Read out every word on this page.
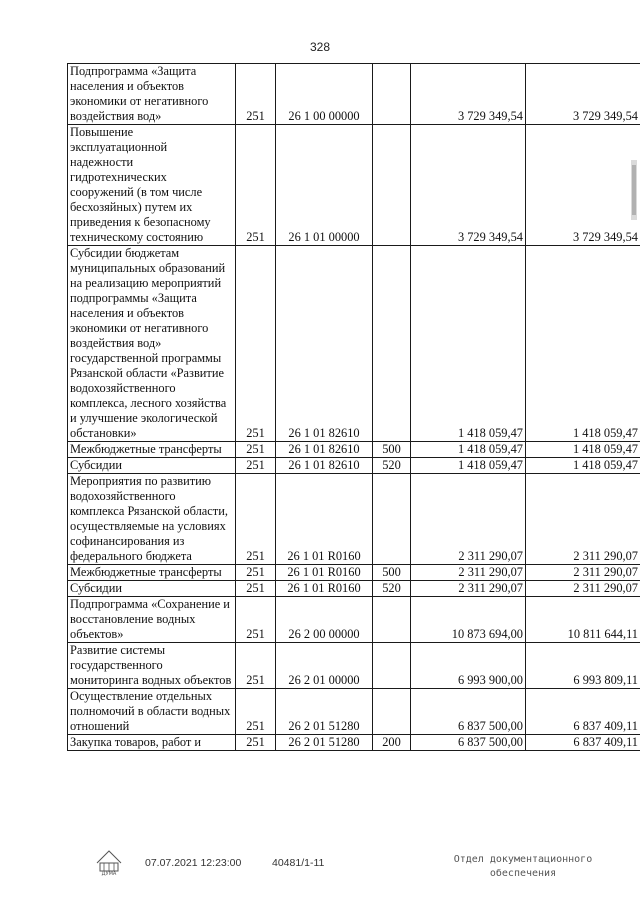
328
Подпрограмма «Защита населения и объектов экономики от негативного воздействия вод»	251	26 1 00 00000		3 729 349,54	3 729 349,54
Повышение эксплуатационной надежности гидротехнических сооружений (в том числе бесхозяйных) путем их приведения к безопасному техническому состоянию	251	26 1 01 00000		3 729 349,54	3 729 349,54
Субсидии бюджетам муниципальных образований на реализацию мероприятий подпрограммы «Защита населения и объектов экономики от негативного воздействия вод» государственной программы Рязанской области «Развитие водохозяйственного комплекса, лесного хозяйства и улучшение экологической обстановки»	251	26 1 01 82610		1 418 059,47	1 418 059,47
Межбюджетные трансферты	251	26 1 01 82610	500	1 418 059,47	1 418 059,47
Субсидии	251	26 1 01 82610	520	1 418 059,47	1 418 059,47
Мероприятия по развитию водохозяйственного комплекса Рязанской области, осуществляемые на условиях софинансирования из федерального бюджета	251	26 1 01 R0160		2 311 290,07	2 311 290,07
Межбюджетные трансферты	251	26 1 01 R0160	500	2 311 290,07	2 311 290,07
Субсидии	251	26 1 01 R0160	520	2 311 290,07	2 311 290,07
Подпрограмма «Сохранение и восстановление водных объектов»	251	26 2 00 00000		10 873 694,00	10 811 644,11
Развитие системы государственного мониторинга водных объектов	251	26 2 01 00000		6 993 900,00	6 993 809,11
Осуществление отдельных полномочий в области водных отношений	251	26 2 01 51280		6 837 500,00	6 837 409,11
Закупка товаров, работ и	251	26 2 01 51280	200	6 837 500,00	6 837 409,11
ДУМА
07.07.2021 12:23:00	40481/1-11	Отдел документационного обеспечения
